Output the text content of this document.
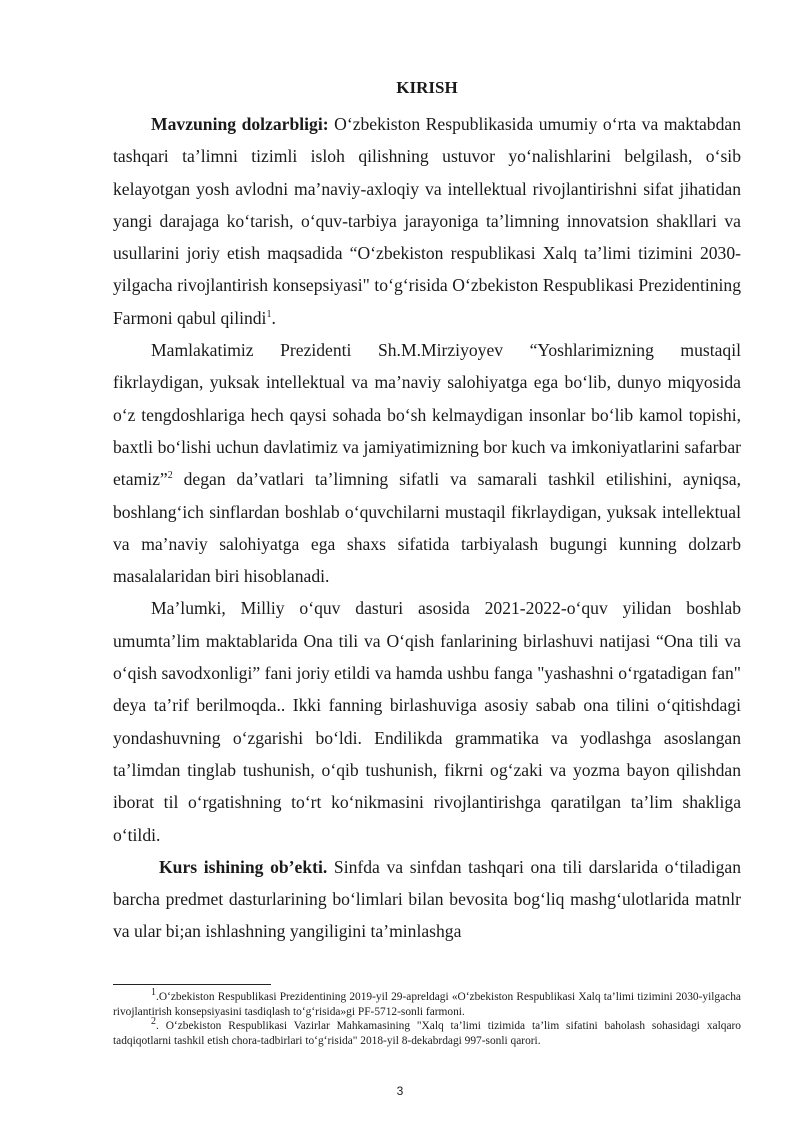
KIRISH

Mavzuning dolzarbligi: O‘zbekiston Respublikasida umumiy o‘rta va maktabdan tashqari ta’limni tizimli isloh qilishning ustuvor yo‘nalishlarini belgilash, o‘sib kelayotgan yosh avlodni ma’naviy-axloqiy va intellektual rivojlantirishni sifat jihatidan yangi darajaga ko‘tarish, o‘quv-tarbiya jarayoniga ta’limning innovatsion shakllari va usullarini joriy etish maqsadida “O‘zbekiston respublikasi Xalq ta’limi tizimini 2030-yilgacha rivojlantirish konsepsiyasi" to‘g‘risida O‘zbekiston Respublikasi Prezidentining Farmoni qabul qilindi$^1$.

Mamlakatimiz Prezidenti Sh.M.Mirziyoyev “Yoshlarimizning mustaqil fikrlaydigan, yuksak intellektual va ma’naviy salohiyatga ega bo‘lib, dunyo miqyosida o‘z tengdoshlariga hech qaysi sohada bo‘sh kelmaydigan insonlar bo‘lib kamol topishi, baxtli bo‘lishi uchun davlatimiz va jamiyatimizning bor kuch va imkoniyatlarini safarbar etamiz”$^2$ degan da’vatlari ta’limning sifatli va samarali tashkil etilishini, ayniqsa, boshlang‘ich sinflardan boshlab o‘quvchilarni mustaqil fikrlaydigan, yuksak intellektual va ma’naviy salohiyatga ega shaxs sifatida tarbiyalash bugungi kunning dolzarb masalalaridan biri hisoblanadi.

Ma’lumki, Milliy o‘quv dasturi asosida 2021-2022-o‘quv yilidan boshlab umumta’lim maktablarida Ona tili va O‘qish fanlarining birlashuvi natijasi “Ona tili va o‘qish savodxonligi” fani joriy etildi va hamda ushbu fanga "yashashni o‘rgatadigan fan" deya ta’rif berilmoqda.. Ikki fanning birlashuviga asosiy sabab ona tilini o‘qitishdagi yondashuvning o‘zgarishi bo‘ldi. Endilikda grammatika va yodlashga asoslangan ta’limdan tinglab tushunish, o‘qib tushunish, fikrni og‘zaki va yozma bayon qilishdan iborat til o‘rgatishning to‘rt ko‘nikmasini rivojlantirishga qaratilgan ta’lim shakliga o‘tildi.

Kurs ishining ob’ekti. Sinfda va sinfdan tashqari ona tili darslarida o‘tiladigan barcha predmet dasturlarining bo‘limlari bilan bevosita bog‘liq mashg‘ulotlarida matnlr va ular bi;an ishlashning yangiligini ta’minlashga

$^1$.O‘zbekiston Respublikasi Prezidentining 2019-yil 29-apreldagi «O‘zbekiston Respublikasi Xalq ta’limi tizimini 2030-yilgacha rivojlantirish konsepsiyasini tasdiqlash to‘g‘risida»gi PF-5712-sonli farmoni.

$^2$. O‘zbekiston Respublikasi Vazirlar Mahkamasining "Xalq ta’limi tizimida ta’lim sifatini baholash sohasidagi xalqaro tadqiqotlarni tashkil etish chora-tadbirlari to‘g‘risida" 2018-yil 8-dekabrdagi 997-sonli qarori.

3
